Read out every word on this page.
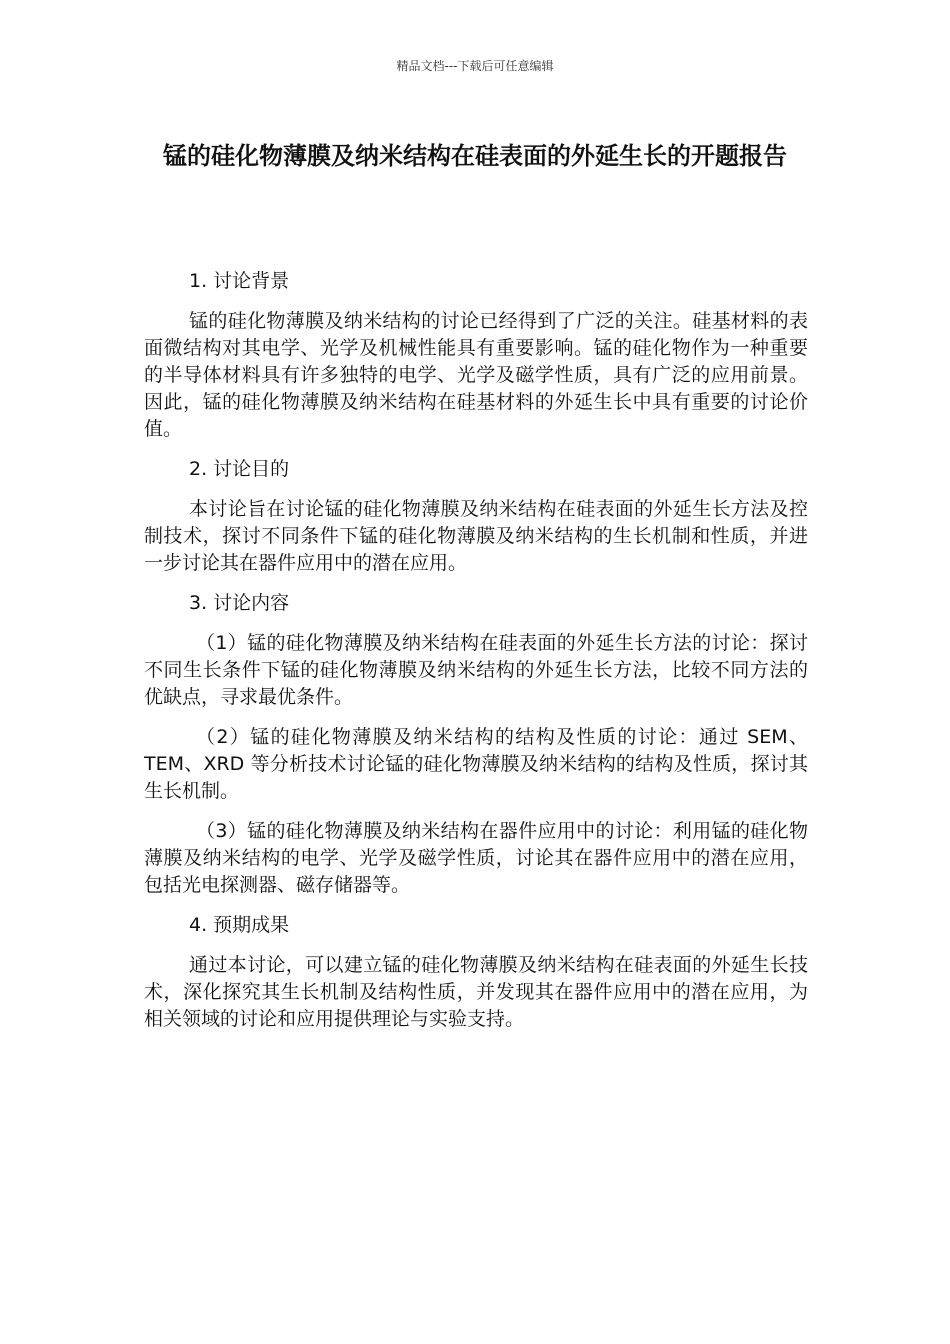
精品文档---下载后可任意编辑
锰的硅化物薄膜及纳米结构在硅表面的外延生长的开题报告
1. 讨论背景

锰的硅化物薄膜及纳米结构的讨论已经得到了广泛的关注。硅基材料的表面微结构对其电学、光学及机械性能具有重要影响。锰的硅化物作为一种重要的半导体材料具有许多独特的电学、光学及磁学性质，具有广泛的应用前景。因此，锰的硅化物薄膜及纳米结构在硅基材料的外延生长中具有重要的讨论价值。

2. 讨论目的

本讨论旨在讨论锰的硅化物薄膜及纳米结构在硅表面的外延生长方法及控制技术，探讨不同条件下锰的硅化物薄膜及纳米结构的生长机制和性质，并进一步讨论其在器件应用中的潜在应用。

3. 讨论内容

（1）锰的硅化物薄膜及纳米结构在硅表面的外延生长方法的讨论：探讨不同生长条件下锰的硅化物薄膜及纳米结构的外延生长方法，比较不同方法的优缺点，寻求最优条件。

（2）锰的硅化物薄膜及纳米结构的结构及性质的讨论：通过 SEM、TEM、XRD 等分析技术讨论锰的硅化物薄膜及纳米结构的结构及性质，探讨其生长机制。

（3）锰的硅化物薄膜及纳米结构在器件应用中的讨论：利用锰的硅化物薄膜及纳米结构的电学、光学及磁学性质，讨论其在器件应用中的潜在应用，包括光电探测器、磁存储器等。

4. 预期成果

通过本讨论，可以建立锰的硅化物薄膜及纳米结构在硅表面的外延生长技术，深化探究其生长机制及结构性质，并发现其在器件应用中的潜在应用，为相关领域的讨论和应用提供理论与实验支持。
